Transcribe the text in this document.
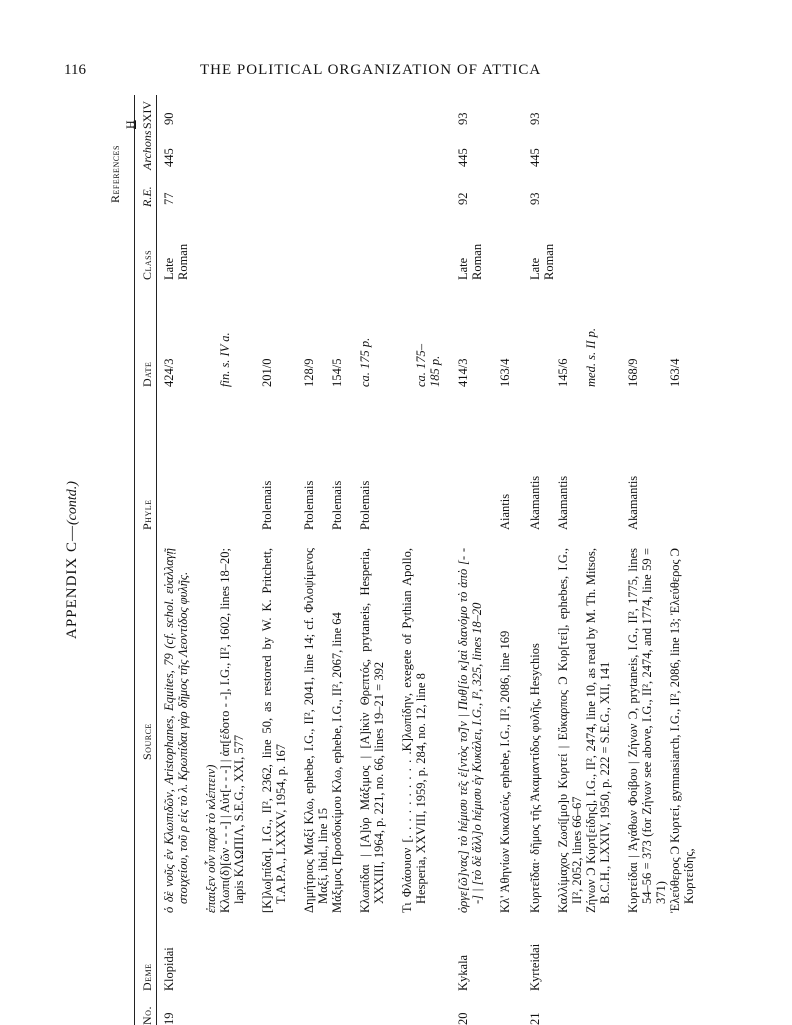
116	THE POLITICAL ORGANIZATION OF ATTICA
APPENDIX C—(contd.)
No.
Deme
Source
Phyle
Date
Class
References R.E.
Archons
H SXIV
19
Klopidai
77
445
90

ὁ δὲ νοῦς ἐν Κλωπιδῶν, Aristophanes, Equites, 79 (cf. schol. εὐαλλαγῇ στοιχείου, τοῦ ρ εἰς τὸ λ. Κρωπίδαι γὰρ δῆμος τῆς Λεοντίδος φυλῆς.

424/3
Late Roman

ἐπαιξεν οὖν παρὰ τὸ κλέπτειν) Κλωπι(δ)[ῶν - - -] | Αὐτ[- - -] | ἀπ[έδοτο - -], I.G., II², 1602, lines 18–20; lapis ΚΛΩΠΙΛ, S.E.G., XXI, 577

fin. s. IV a.

[Κ]λω[πίδα], I.G., II², 2362, line 50, as restored by W. K. Pritchett, T.A.P.A., LXXXV, 1954, p. 167

Ptolemais
201/0

Δημήτριος Μαξί Κλω, ephebe, I.G., II², 2041, line 14; cf. Φιλοψίμενος Μαξί, ibid., line 15

Ptolemais
128/9

Μάξιμος Προσδοκίμου Κλω, ephebe, I.G., II², 2067, line 64

Ptolemais
154/5

Κλωπίδαι | [Α]ὐρ Μάξιμος | [Α]ἰκὶν Θρεπτός, prytaneis, Hesperia, XXXIII, 1964, p. 221, no. 66, lines 19–21 = 392

Ptolemais
ca. 175 p.

Τι Φλάουιον [. . . . . . . . . . .Κ]λωπίδην, exegete of Pythian Apollo, Hesperia, XXVIII, 1959, p. 284, no. 12, line 8

ca. 175–185 p.
20
Kykala
92
445
93

ὀργε[ῶ]νας] τὸ hέμισυ τε͂ς ἐ[ντὸς το͂]ν | Πυθ[ίο κ]αὶ διανόμο τὸ ἀπὸ [- - -] | [τὸ δὲ ἄλλ]ο hέμισυ ἐγ Κυκάλει, I.G., I², 325, lines 18–20

414/3
Late Roman

Κλ' Ἀθηνίων Κυκαλεύς, ephebe, I.G., II², 2086, line 169

Aiantis
163/4
21
Kyrteidai
93
445
93

Κυρτεῖδαι· δῆμος τῆς Ἀκαμαντίδος φυλῆς, Hesychios

Akamantis
Late Roman

Καλλίμαχος Ζωσί[μο]υ Κυρτεί | Εὔκαρπος Ͻ Κυρ[τεί], ephebes, I.G., II², 2052, lines 66–67

Akamantis
145/6

Ζήνων Ͻ Κυρτ[είδης], I.G., II², 2474, line 10, as read by M. Th. Mitsos, B.C.H., LXXIV, 1950, p. 222 = S.E.G., XII, 141

med. s. II p.

Κυρτείδαι | Ἀγάθων Φοίβου | Ζήνων Ͻ, prytaneis, I.G., II², 1775, lines 54–56 = 373 (for Ζήνων see above, I.G., II², 2474, and 1774, line 59 = 371)

Akamantis
168/9

Ἐλεύθερος Ͻ Κυρτεί, gymnasiarch, I.G., II², 2086, line 13; Ἐλεύθερος Ͻ Κυρτείδης,

163/4
